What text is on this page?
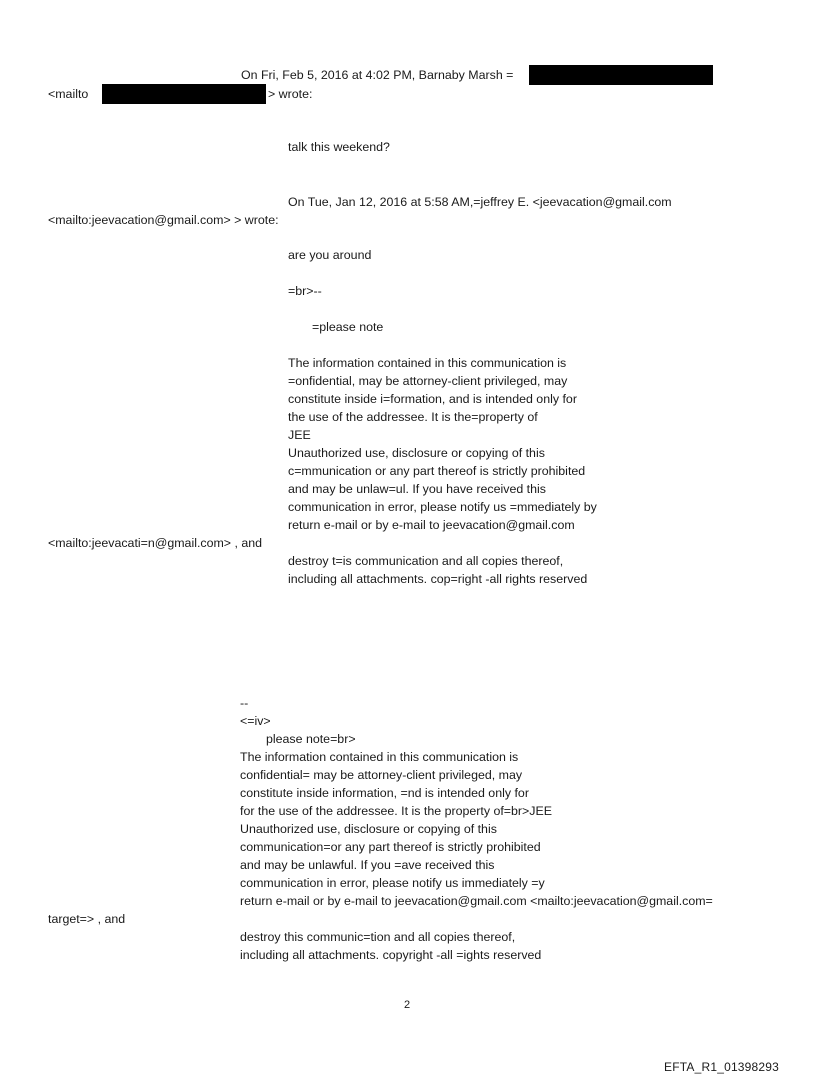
On Fri, Feb 5, 2016 at 4:02 PM, Barnaby Marsh =
<mailto	> wrote:
talk this weekend?
On Tue, Jan 12, 2016 at 5:58 AM,=jeffrey E. <jeevacation@gmail.com
<mailto:jeevacation@gmail.com> > wrote:
are you around
=br>--
=please note
The information contained in this communication is
=onfidential, may be attorney-client privileged, may
constitute inside i=formation, and is intended only for
the use of the addressee. It is the=property of
JEE
Unauthorized use, disclosure or copying of this
c=mmunication or any part thereof is strictly prohibited
and may be unlaw=ul. If you have received this
communication in error, please notify us =mmediately by
return e-mail or by e-mail to jeevacation@gmail.com
<mailto:jeevacati=n@gmail.com> , and
destroy t=is communication and all copies thereof,
including all attachments. cop=right -all rights reserved
--
<=iv>
please note=br>
The information contained in this communication is
confidential= may be attorney-client privileged, may
constitute inside information, =nd is intended only for
for the use of the addressee. It is the property of=br>JEE
Unauthorized use, disclosure or copying of this
communication=or any part thereof is strictly prohibited
and may be unlawful. If you =ave received this
communication in error, please notify us immediately =y
return e-mail or by e-mail to jeevacation@gmail.com <mailto:jeevacation@gmail.com=
target=> , and
destroy this communic=tion and all copies thereof,
including all attachments. copyright -all =ights reserved
2
EFTA_R1_01398293
